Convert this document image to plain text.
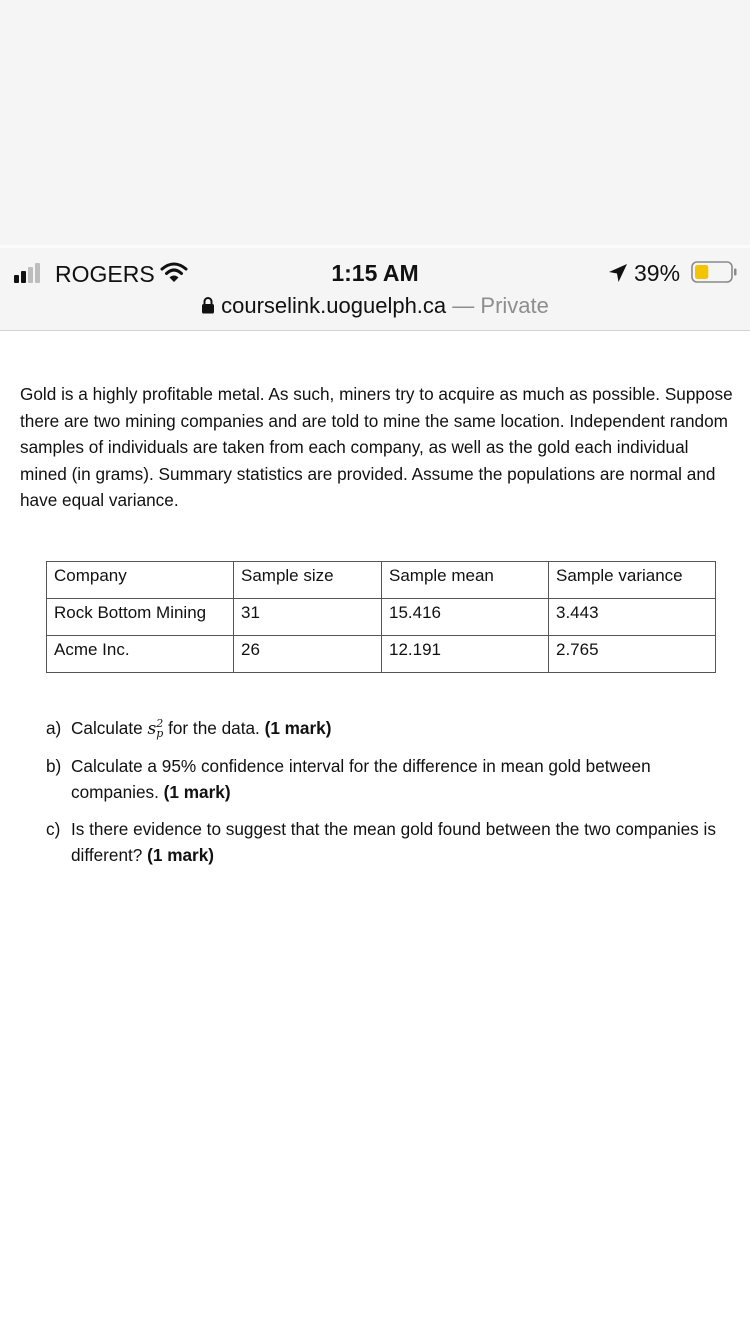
ROGERS	1:15 AM	39%
courselink.uoguelph.ca — Private

Gold is a highly profitable metal. As such, miners try to acquire as much as possible. Suppose there are two mining companies and are told to mine the same location. Independent random samples of individuals are taken from each company, as well as the gold each individual mined (in grams). Summary statistics are provided. Assume the populations are normal and have equal variance.

Company	Sample size	Sample mean	Sample variance
Rock Bottom Mining	31	15.416	3.443
Acme Inc.	26	12.191	2.765
a) Calculate s 2
p for the data. (1 mark)
b) Calculate a 95% confidence interval for the difference in mean gold between companies. (1 mark)
c) Is there evidence to suggest that the mean gold found between the two companies is different? (1 mark)
